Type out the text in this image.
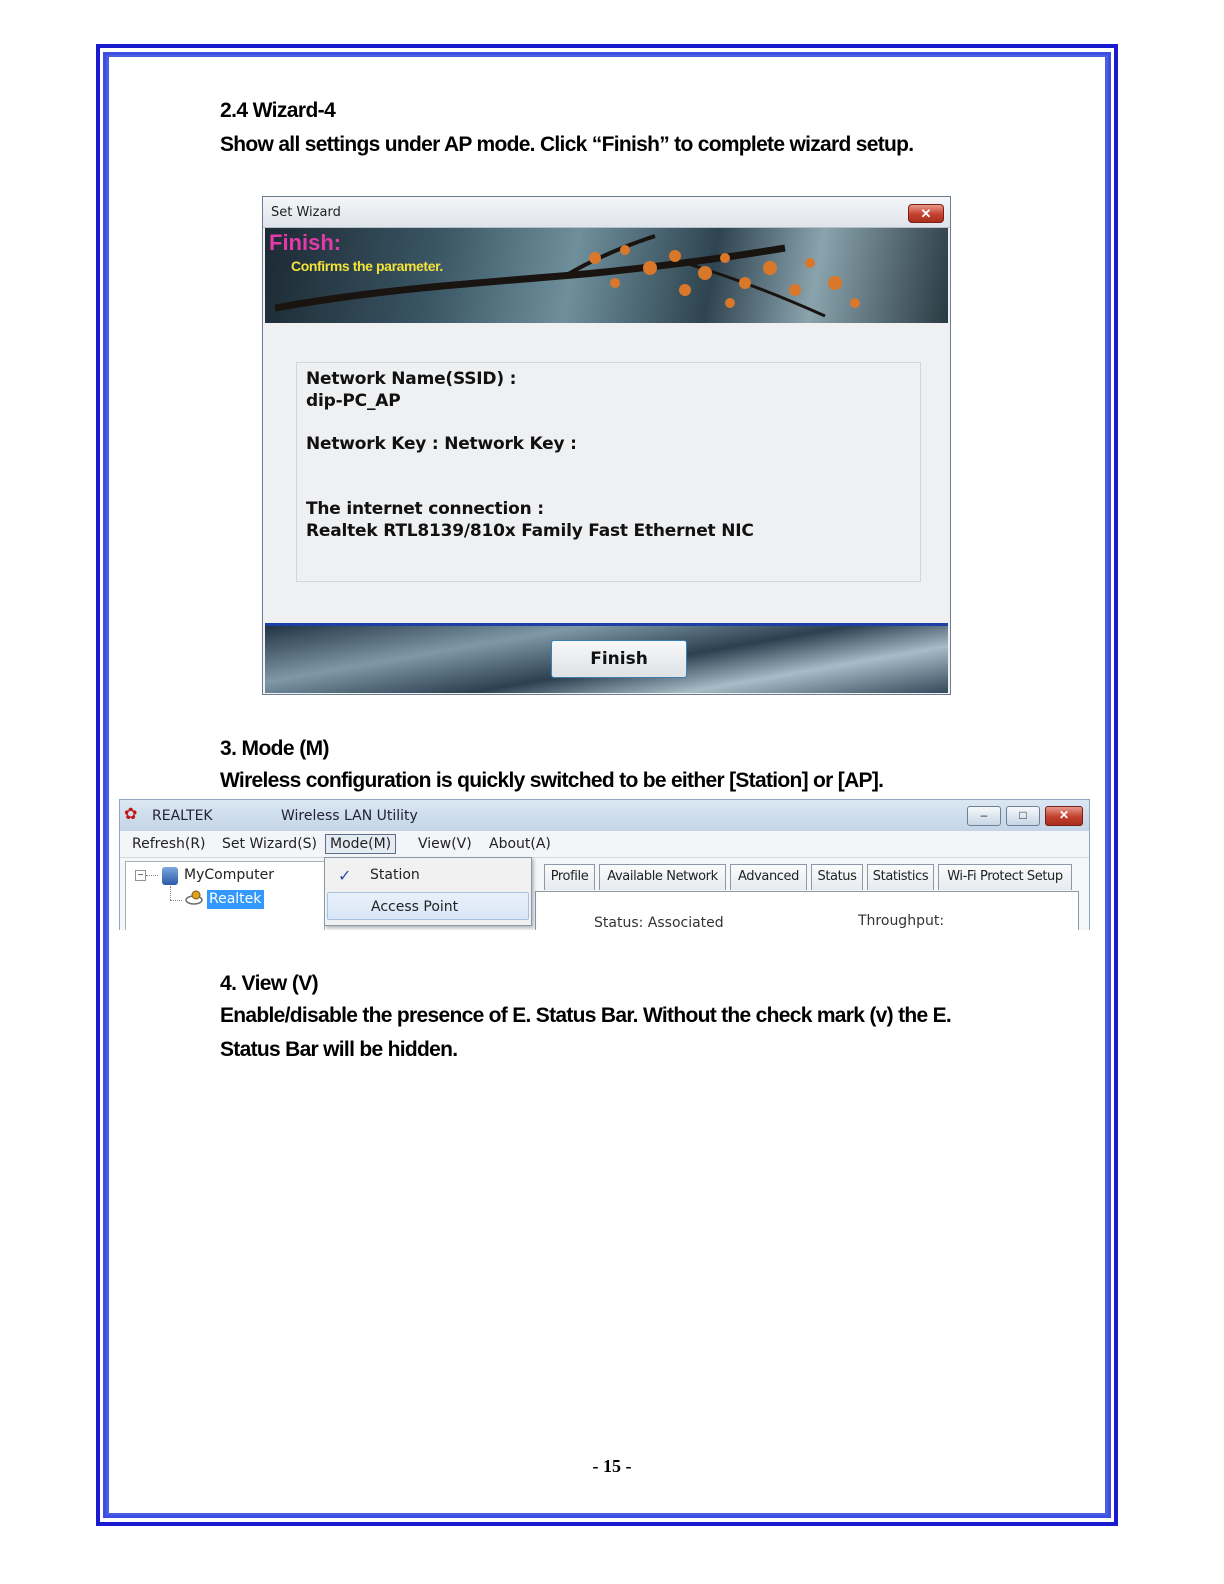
2.4 Wizard-4
Show all settings under AP mode. Click “Finish” to complete wizard setup.
Set Wizard	✕
Finish:
Confirms the parameter.
Network Name(SSID) :
dip-PC_AP
Network Key : Network Key :
The internet connection :
Realtek RTL8139/810x Family Fast Ethernet NIC
Finish
3. Mode (M)
Wireless configuration is quickly switched to be either [Station] or [AP].
✿	REALTEK	Wireless LAN Utility	–	□	✕
Refresh(R) Set Wizard(S) Mode(M)	View(V) About(A)
−	MyComputer
Realtek
Profile	Available Network	Advanced	Status	Statistics	Wi-Fi Protect Setup
Status: Associated	Throughput:
✓ Station
Access Point
4. View (V)
Enable/disable the presence of E. Status Bar. Without the check mark (v) the E.
Status Bar will be hidden.
- 15 -
